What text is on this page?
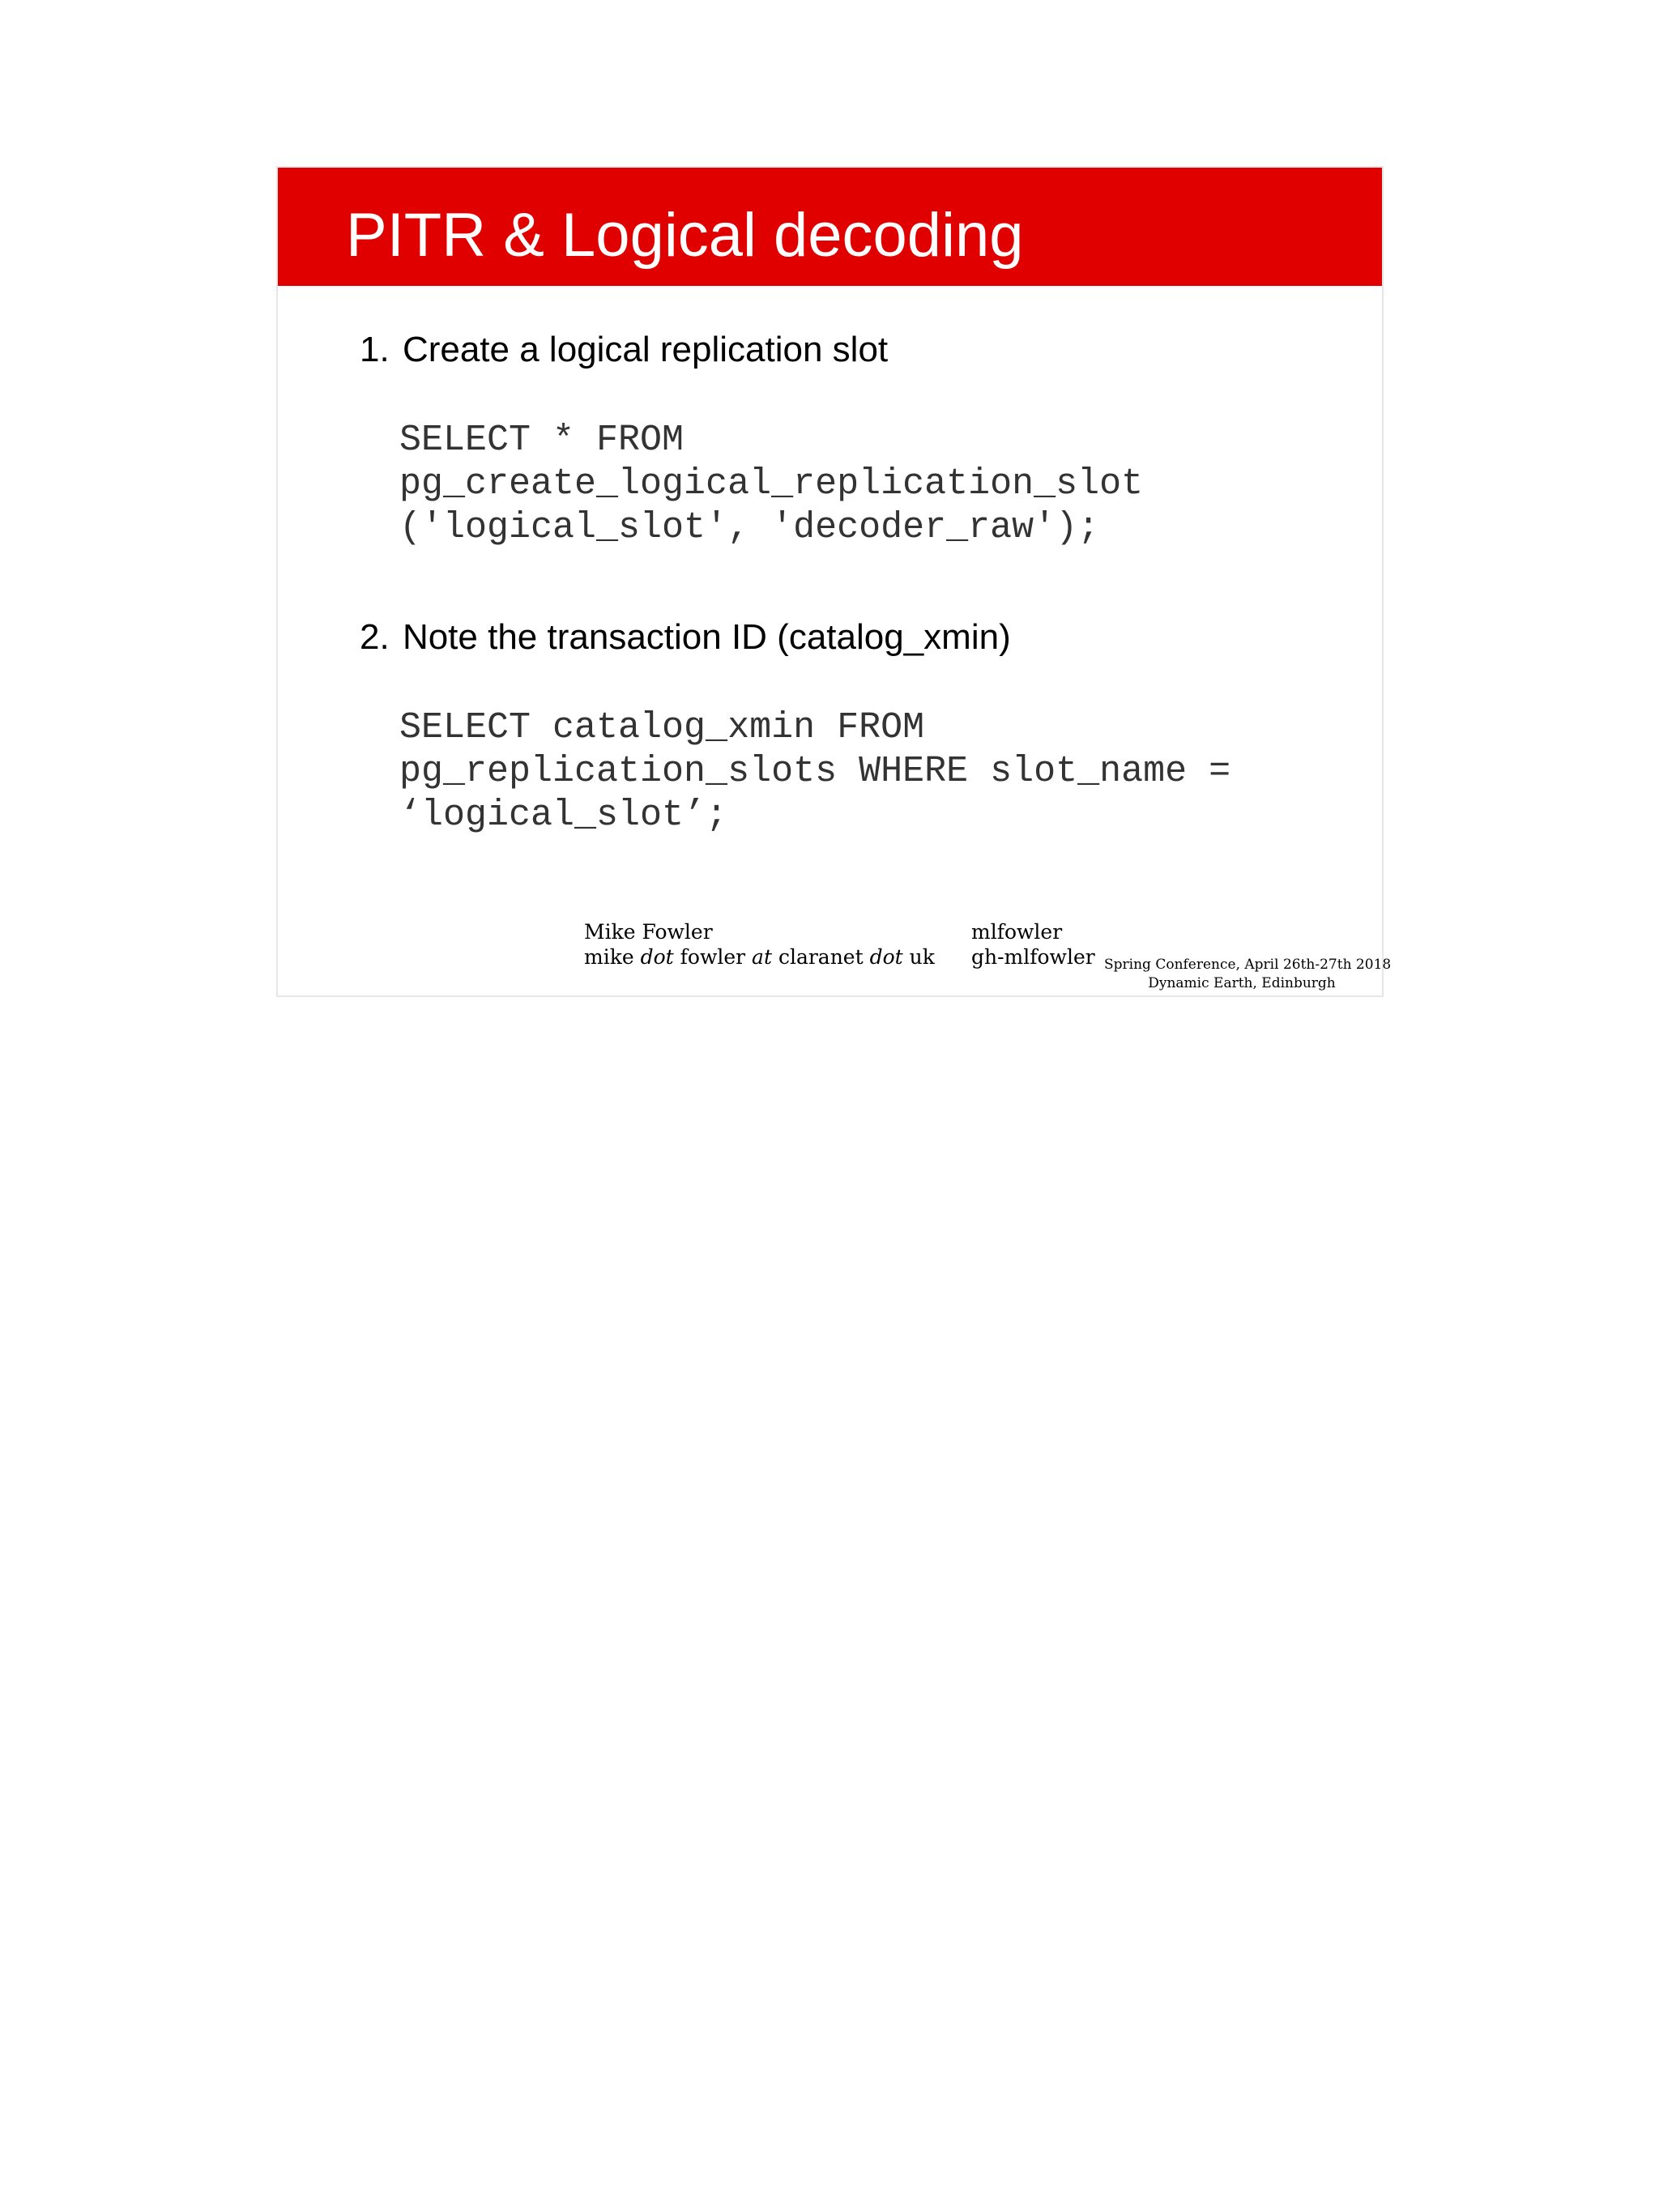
PITR & Logical decoding

1. Create a logical replication slot

SELECT * FROM
pg_create_logical_replication_slot
('logical_slot', 'decoder_raw');

2. Note the transaction ID (catalog_xmin)

SELECT catalog_xmin FROM
pg_replication_slots WHERE slot_name =
‘logical_slot’;
Mike Fowler
mike dot fowler at claranet dot uk
mlfowler
gh-mlfowler Spring Conference, April 26th-27th 2018
Dynamic Earth, Edinburgh
